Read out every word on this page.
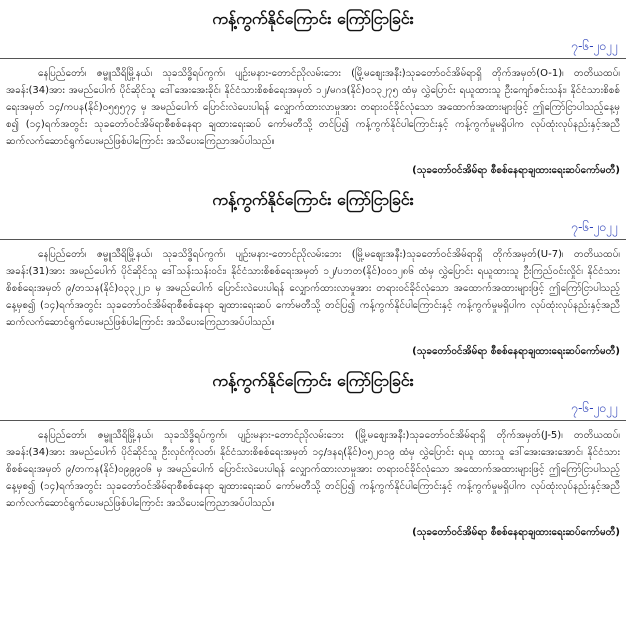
ကန့်ကွက်နိုင်ကြောင်း ကြော်ငြာခြင်း
၇-၆-၂၀၂၂

နေပြည်တော်၊ ဇမ္ဗူသီရိမြို့နယ်၊ သုခသိဒ္ဓိရပ်ကွက်၊ ပျဉ်းမနား-တောင်ညိုလမ်းဘေး (မြို့မစျေးအနီး)သုခတော်ဝင်အိမ်ရာရှိ တိုက်အမှတ်(O-1)၊ တတိယထပ်၊ အခန်း(34)အား အမည်ပေါက် ပိုင်ဆိုင်သူ ဒေါ်အေးအေးခိုင်၊ နိုင်ငံသားစိစစ်ရေးအမှတ် ၁၂/မဂဒ(နိုင်)၀၁၃၂၇၅ ထံမှ လွှဲပြောင်း ရယူထားသူ ဦးကျော်ဇင်းသန်း၊ နိုင်ငံသားစိစစ်ရေးအမှတ် ၁၄/ကပန(နိုင်)၀၅၅၅၇၄ မှ အမည်ပေါက် ပြောင်းလဲပေးပါရန် လျှောက်ထားလာမှုအား တရားဝင်ခိုင်လုံသော အထောက်အထားများဖြင့် ဤကြော်ငြာပါသည့်နေ့မှစ၍ (၁၄)ရက်အတွင်း သုခတော်ဝင်အိမ်ရာစီစစ်နေရာ ချထားရေးဆပ် ကော်မတီသို့ တင်ပြ၍ ကန့်ကွက်နိုင်ပါကြောင်းနှင့် ကန့်ကွက်မှုမရှိပါက လုပ်ထုံးလုပ်နည်းနှင့်အညီ ဆက်လက်ဆောင်ရွက်ပေးမည်ဖြစ်ပါကြောင်း အသိပေးကြေညာအပ်ပါသည်။

(သုခတော်ဝင်အိမ်ရာ စီစစ်နေရာချထားရေးဆပ်ကော်မတီ)
ကန့်ကွက်နိုင်ကြောင်း ကြော်ငြာခြင်း
၇-၆-၂၀၂၂

နေပြည်တော်၊ ဇမ္ဗူသီရိမြို့နယ်၊ သုခသိဒ္ဓိရပ်ကွက်၊ ပျဉ်းမနား-တောင်ညိုလမ်းဘေး (မြို့မစျေးအနီး)သုခတော်ဝင်အိမ်ရာရှိ တိုက်အမှတ်(U-7)၊ တတိယထပ်၊ အခန်း(31)အား အမည်ပေါက် ပိုင်ဆိုင်သူ ဒေါ်သန်းသန်းဝင်း၊ နိုင်ငံသားစိစစ်ရေးအမှတ် ၁၂/ပဘတ(နိုင်)၀၀၁၂၈၆ ထံမှ လွှဲပြောင်း ရယူထားသူ ဦးကြည်ဝင်းလှိုင်၊ နိုင်ငံသားစိစစ်ရေးအမှတ် ၉/တသန(နိုင်)၀၃၃၂၂၁ မှ အမည်ပေါက် ပြောင်းလဲပေးပါရန် လျှောက်ထားလာမှုအား တရားဝင်ခိုင်လုံသော အထောက်အထားများဖြင့် ဤကြော်ငြာပါသည့် နေ့မှစ၍ (၁၄)ရက်အတွင်း သုခတော်ဝင်အိမ်ရာစီစစ်နေရာ ချထားရေးဆပ် ကော်မတီသို့ တင်ပြ၍ ကန့်ကွက်နိုင်ပါကြောင်းနှင့် ကန့်ကွက်မှုမရှိပါက လုပ်ထုံးလုပ်နည်းနှင့်အညီ ဆက်လက်ဆောင်ရွက်ပေးမည်ဖြစ်ပါကြောင်း အသိပေးကြေညာအပ်ပါသည်။

(သုခတော်ဝင်အိမ်ရာ စီစစ်နေရာချထားရေးဆပ်ကော်မတီ)
ကန့်ကွက်နိုင်ကြောင်း ကြော်ငြာခြင်း
၇-၆-၂၀၂၂

နေပြည်တော်၊ ဇမ္ဗူသီရိမြို့နယ်၊ သုခသိဒ္ဓိရပ်ကွက်၊ ပျဉ်းမနား-တောင်ညိုလမ်းဘေး (မြို့မစျေးအနီး)သုခတော်ဝင်အိမ်ရာရှိ တိုက်အမှတ်(J-5)၊ တတိယထပ်၊ အခန်း(34)အား အမည်ပေါက် ပိုင်ဆိုင်သူ ဦးလှင်ကိုလတ်၊ နိုင်ငံသားစိစစ်ရေးအမှတ် ၁၄/ဒနရ(နိုင်)၀၅၂၀၁၉ ထံမှ လွှဲပြောင်း ရယူ ထားသူ ဒေါ်အေးအေးအောင်၊ နိုင်ငံသားစိစစ်ရေးအမှတ် ၉/တကန(နိုင်)၀၉၉၉၀၆ မှ အမည်ပေါက် ပြောင်းလဲပေးပါရန် လျှောက်ထားလာမှုအား တရားဝင်ခိုင်လုံသော အထောက်အထားများဖြင့် ဤကြော်ငြာပါသည့် နေ့မှစ၍ (၁၄)ရက်အတွင်း သုခတော်ဝင်အိမ်ရာစီစစ်နေရာ ချထားရေးဆပ် ကော်မတီသို့ တင်ပြ၍ ကန့်ကွက်နိုင်ပါကြောင်းနှင့် ကန့်ကွက်မှုမရှိပါက လုပ်ထုံးလုပ်နည်းနှင့်အညီ ဆက်လက်ဆောင်ရွက်ပေးမည်ဖြစ်ပါကြောင်း အသိပေးကြေညာအပ်ပါသည်။

(သုခတော်ဝင်အိမ်ရာ စီစစ်နေရာချထားရေးဆပ်ကော်မတီ)
